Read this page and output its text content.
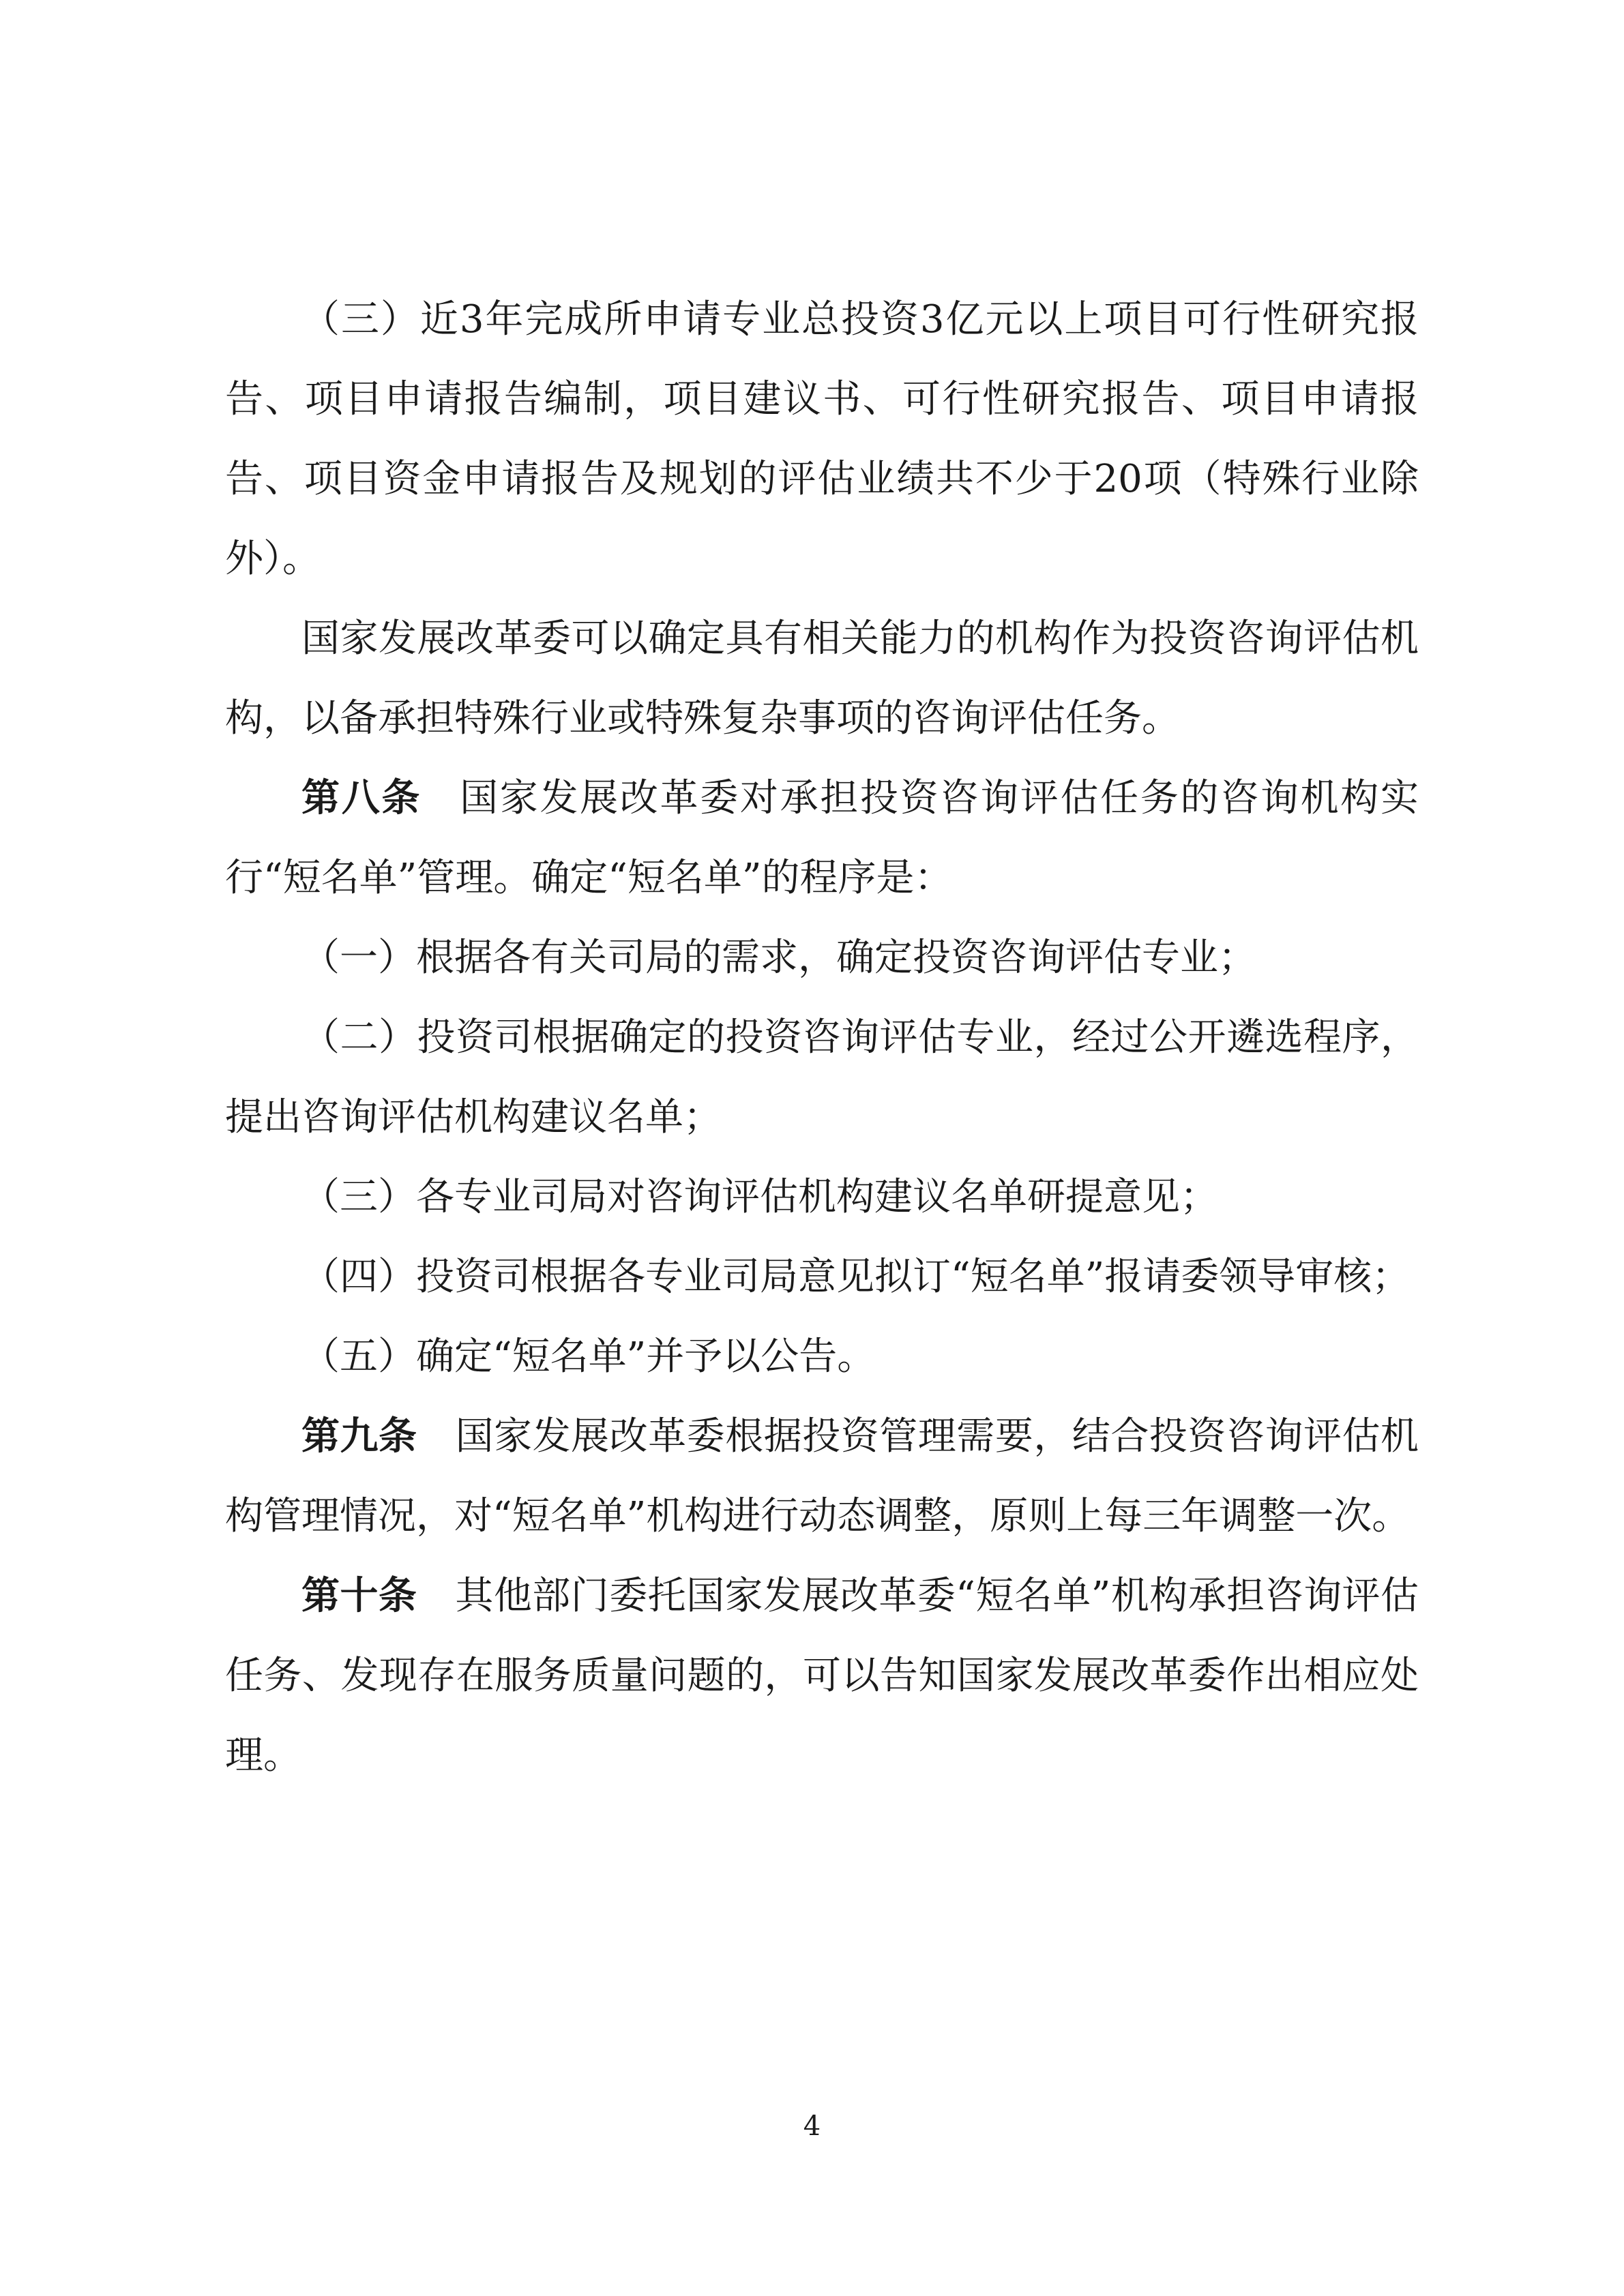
（三）近3年完成所申请专业总投资3亿元以上项目可行性研究报告、项目申请报告编制，项目建议书、可行性研究报告、项目申请报告、项目资金申请报告及规划的评估业绩共不少于20项（特殊行业除外）。

国家发展改革委可以确定具有相关能力的机构作为投资咨询评估机构，以备承担特殊行业或特殊复杂事项的咨询评估任务。

第八条 国家发展改革委对承担投资咨询评估任务的咨询机构实行“短名单”管理。确定“短名单”的程序是：

（一）根据各有关司局的需求，确定投资咨询评估专业；

（二）投资司根据确定的投资咨询评估专业，经过公开遴选程序，提出咨询评估机构建议名单；

（三）各专业司局对咨询评估机构建议名单研提意见；

（四）投资司根据各专业司局意见拟订“短名单”报请委领导审核；

（五）确定“短名单”并予以公告。

第九条 国家发展改革委根据投资管理需要，结合投资咨询评估机构管理情况，对“短名单”机构进行动态调整，原则上每三年调整一次。

第十条 其他部门委托国家发展改革委“短名单”机构承担咨询评估任务、发现存在服务质量问题的，可以告知国家发展改革委作出相应处理。

4
